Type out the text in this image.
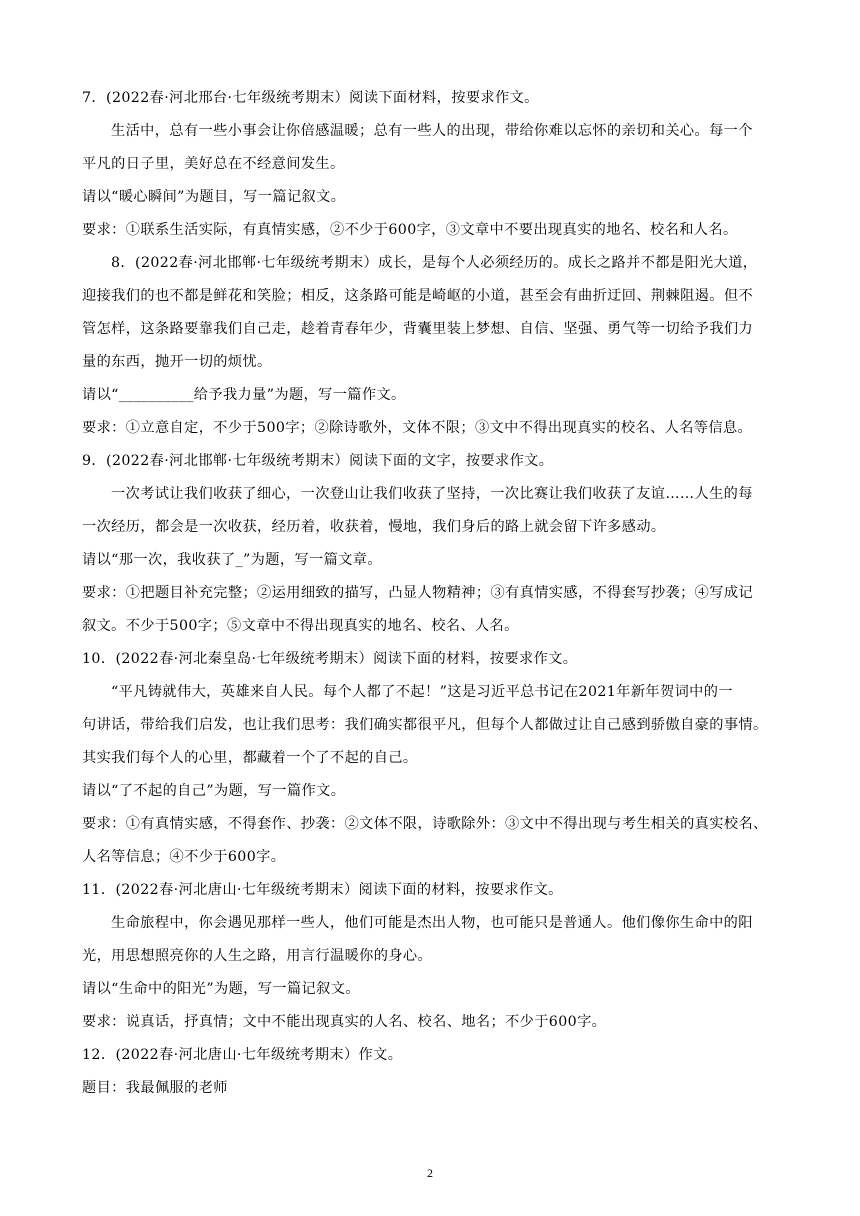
7．(2022春·河北邢台·七年级统考期末）阅读下面材料，按要求作文。
生活中，总有一些小事会让你倍感温暖；总有一些人的出现，带给你难以忘怀的亲切和关心。每一个
平凡的日子里，美好总在不经意间发生。
请以“暖心瞬间”为题目，写一篇记叙文。
要求：①联系生活实际，有真情实感，②不少于600字，③文章中不要出现真实的地名、校名和人名。
8．(2022春·河北邯郸·七年级统考期末）成长，是每个人必须经历的。成长之路并不都是阳光大道，
迎接我们的也不都是鲜花和笑脸；相反，这条路可能是崎岖的小道，甚至会有曲折迂回、荆棘阻遏。但不
管怎样，这条路要靠我们自己走，趁着青春年少，背囊里装上梦想、自信、坚强、勇气等一切给予我们力
量的东西，抛开一切的烦忧。
请以“__________给予我力量”为题，写一篇作文。
要求：①立意自定，不少于500字；②除诗歌外，文体不限；③文中不得出现真实的校名、人名等信息。
9．(2022春·河北邯郸·七年级统考期末）阅读下面的文字，按要求作文。
一次考试让我们收获了细心，一次登山让我们收获了坚持，一次比赛让我们收获了友谊……人生的每
一次经历，都会是一次收获，经历着，收获着，慢地，我们身后的路上就会留下许多感动。
请以“那一次，我收获了_”为题，写一篇文章。
要求：①把题目补充完整；②运用细致的描写，凸显人物精神；③有真情实感，不得套写抄袭；④写成记
叙文。不少于500字；⑤文章中不得出现真实的地名、校名、人名。
10．(2022春·河北秦皇岛·七年级统考期末）阅读下面的材料，按要求作文。
“平凡铸就伟大，英雄来自人民。每个人都了不起！”这是习近平总书记在2021年新年贺词中的一
句讲话，带给我们启发，也让我们思考：我们确实都很平凡，但每个人都做过让自己感到骄傲自豪的事情。
其实我们每个人的心里，都藏着一个了不起的自己。
请以“了不起的自己”为题，写一篇作文。
要求：①有真情实感，不得套作、抄袭：②文体不限，诗歌除外：③文中不得出现与考生相关的真实校名、
人名等信息；④不少于600字。
11．(2022春·河北唐山·七年级统考期末）阅读下面的材料，按要求作文。
生命旅程中，你会遇见那样一些人，他们可能是杰出人物，也可能只是普通人。他们像你生命中的阳
光，用思想照亮你的人生之路，用言行温暖你的身心。
请以“生命中的阳光”为题，写一篇记叙文。
要求：说真话，抒真情；文中不能出现真实的人名、校名、地名；不少于600字。
12．(2022春·河北唐山·七年级统考期末）作文。
题目：我最佩服的老师
2
